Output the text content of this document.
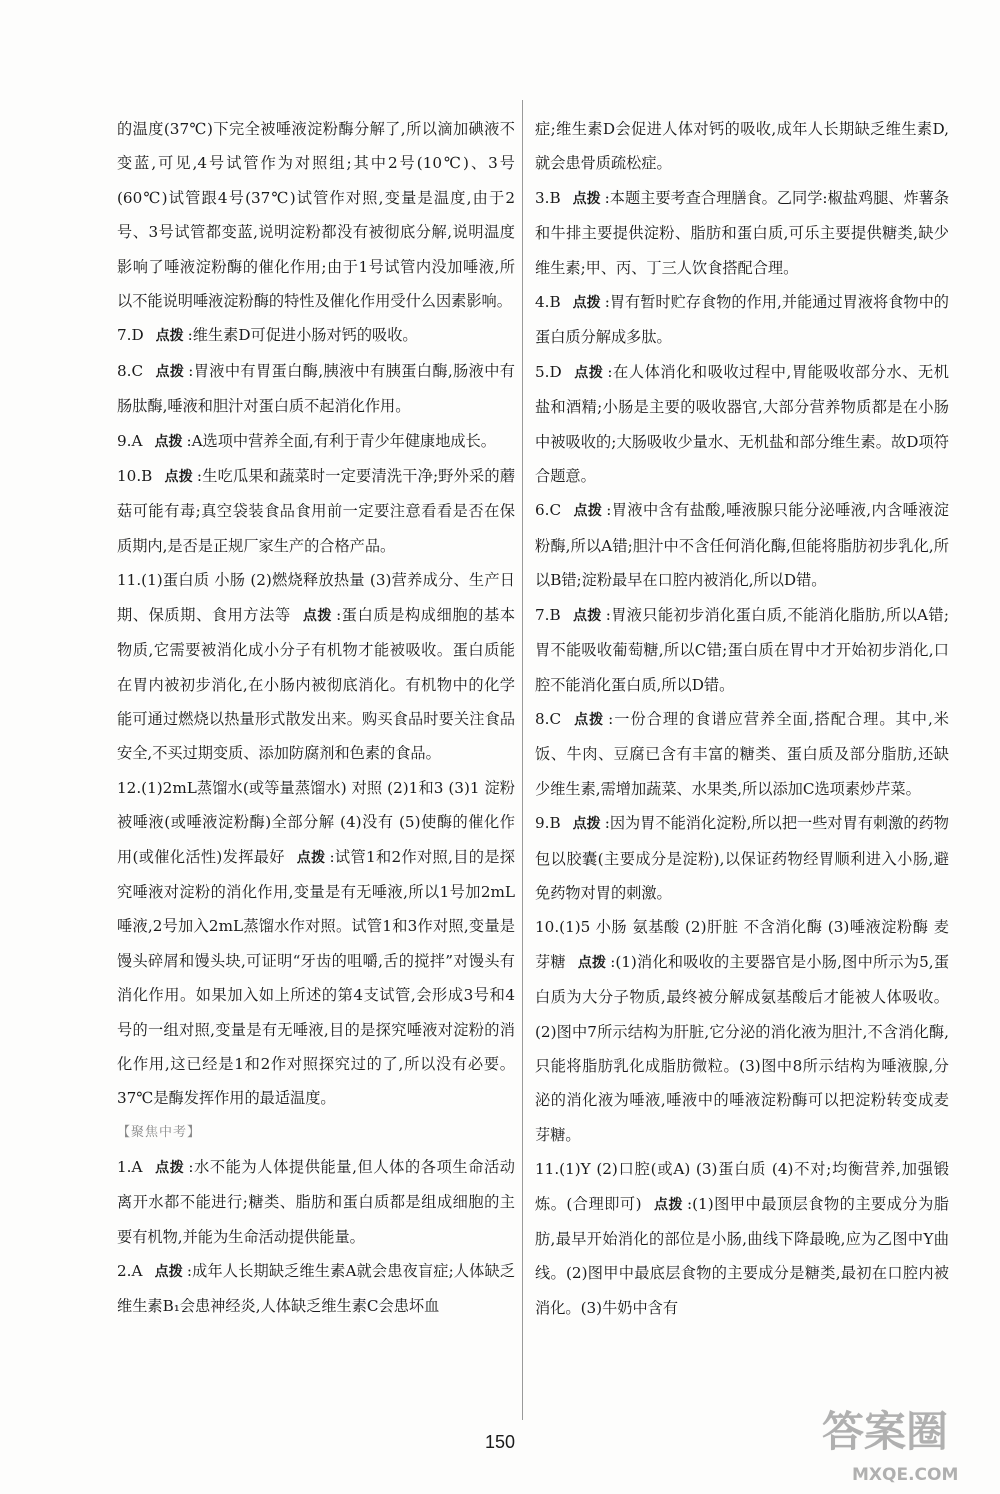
的温度(37℃)下完全被唾液淀粉酶分解了,所以滴加碘液不变蓝,可见,4号试管作为对照组;其中2号(10℃)、3号(60℃)试管跟4号(37℃)试管作对照,变量是温度,由于2号、3号试管都变蓝,说明淀粉都没有被彻底分解,说明温度影响了唾液淀粉酶的催化作用;由于1号试管内没加唾液,所以不能说明唾液淀粉酶的特性及催化作用受什么因素影响。

7.D 点拨 :维生素D可促进小肠对钙的吸收。

8.C 点拨 :胃液中有胃蛋白酶,胰液中有胰蛋白酶,肠液中有肠肽酶,唾液和胆汁对蛋白质不起消化作用。

9.A 点拨 :A选项中营养全面,有利于青少年健康地成长。

10.B 点拨 :生吃瓜果和蔬菜时一定要清洗干净;野外采的蘑菇可能有毒;真空袋装食品食用前一定要注意看看是否在保质期内,是否是正规厂家生产的合格产品。

11.(1)蛋白质 小肠 (2)燃烧释放热量 (3)营养成分、生产日期、保质期、食用方法等 点拨 :蛋白质是构成细胞的基本物质,它需要被消化成小分子有机物才能被吸收。蛋白质能在胃内被初步消化,在小肠内被彻底消化。有机物中的化学能可通过燃烧以热量形式散发出来。购买食品时要关注食品安全,不买过期变质、添加防腐剂和色素的食品。

12.(1)2mL蒸馏水(或等量蒸馏水) 对照 (2)1和3 (3)1 淀粉被唾液(或唾液淀粉酶)全部分解 (4)没有 (5)使酶的催化作用(或催化活性)发挥最好 点拨 :试管1和2作对照,目的是探究唾液对淀粉的消化作用,变量是有无唾液,所以1号加2mL唾液,2号加入2mL蒸馏水作对照。试管1和3作对照,变量是馒头碎屑和馒头块,可证明“牙齿的咀嚼,舌的搅拌”对馒头有消化作用。如果加入如上所述的第4支试管,会形成3号和4号的一组对照,变量是有无唾液,目的是探究唾液对淀粉的消化作用,这已经是1和2作对照探究过的了,所以没有必要。37℃是酶发挥作用的最适温度。

【聚焦中考】

1.A 点拨 :水不能为人体提供能量,但人体的各项生命活动离开水都不能进行;糖类、脂肪和蛋白质都是组成细胞的主要有机物,并能为生命活动提供能量。

2.A 点拨 :成年人长期缺乏维生素A就会患夜盲症;人体缺乏维生素B₁会患神经炎,人体缺乏维生素C会患坏血

症;维生素D会促进人体对钙的吸收,成年人长期缺乏维生素D,就会患骨质疏松症。

3.B 点拨 :本题主要考查合理膳食。乙同学:椒盐鸡腿、炸薯条和牛排主要提供淀粉、脂肪和蛋白质,可乐主要提供糖类,缺少维生素;甲、丙、丁三人饮食搭配合理。

4.B 点拨 :胃有暂时贮存食物的作用,并能通过胃液将食物中的蛋白质分解成多肽。

5.D 点拨 :在人体消化和吸收过程中,胃能吸收部分水、无机盐和酒精;小肠是主要的吸收器官,大部分营养物质都是在小肠中被吸收的;大肠吸收少量水、无机盐和部分维生素。故D项符合题意。

6.C 点拨 :胃液中含有盐酸,唾液腺只能分泌唾液,内含唾液淀粉酶,所以A错;胆汁中不含任何消化酶,但能将脂肪初步乳化,所以B错;淀粉最早在口腔内被消化,所以D错。

7.B 点拨 :胃液只能初步消化蛋白质,不能消化脂肪,所以A错;胃不能吸收葡萄糖,所以C错;蛋白质在胃中才开始初步消化,口腔不能消化蛋白质,所以D错。

8.C 点拨 :一份合理的食谱应营养全面,搭配合理。其中,米饭、牛肉、豆腐已含有丰富的糖类、蛋白质及部分脂肪,还缺少维生素,需增加蔬菜、水果类,所以添加C选项素炒芹菜。

9.B 点拨 :因为胃不能消化淀粉,所以把一些对胃有刺激的药物包以胶囊(主要成分是淀粉),以保证药物经胃顺利进入小肠,避免药物对胃的刺激。

10.(1)5 小肠 氨基酸 (2)肝脏 不含消化酶 (3)唾液淀粉酶 麦芽糖 点拨 :(1)消化和吸收的主要器官是小肠,图中所示为5,蛋白质为大分子物质,最终被分解成氨基酸后才能被人体吸收。(2)图中7所示结构为肝脏,它分泌的消化液为胆汁,不含消化酶,只能将脂肪乳化成脂肪微粒。(3)图中8所示结构为唾液腺,分泌的消化液为唾液,唾液中的唾液淀粉酶可以把淀粉转变成麦芽糖。

11.(1)Y (2)口腔(或A) (3)蛋白质 (4)不对;均衡营养,加强锻炼。(合理即可) 点拨 :(1)图甲中最顶层食物的主要成分为脂肪,最早开始消化的部位是小肠,曲线下降最晚,应为乙图中Y曲线。(2)图甲中最底层食物的主要成分是糖类,最初在口腔内被消化。(3)牛奶中含有

150	答案圈
MXQE.COM
